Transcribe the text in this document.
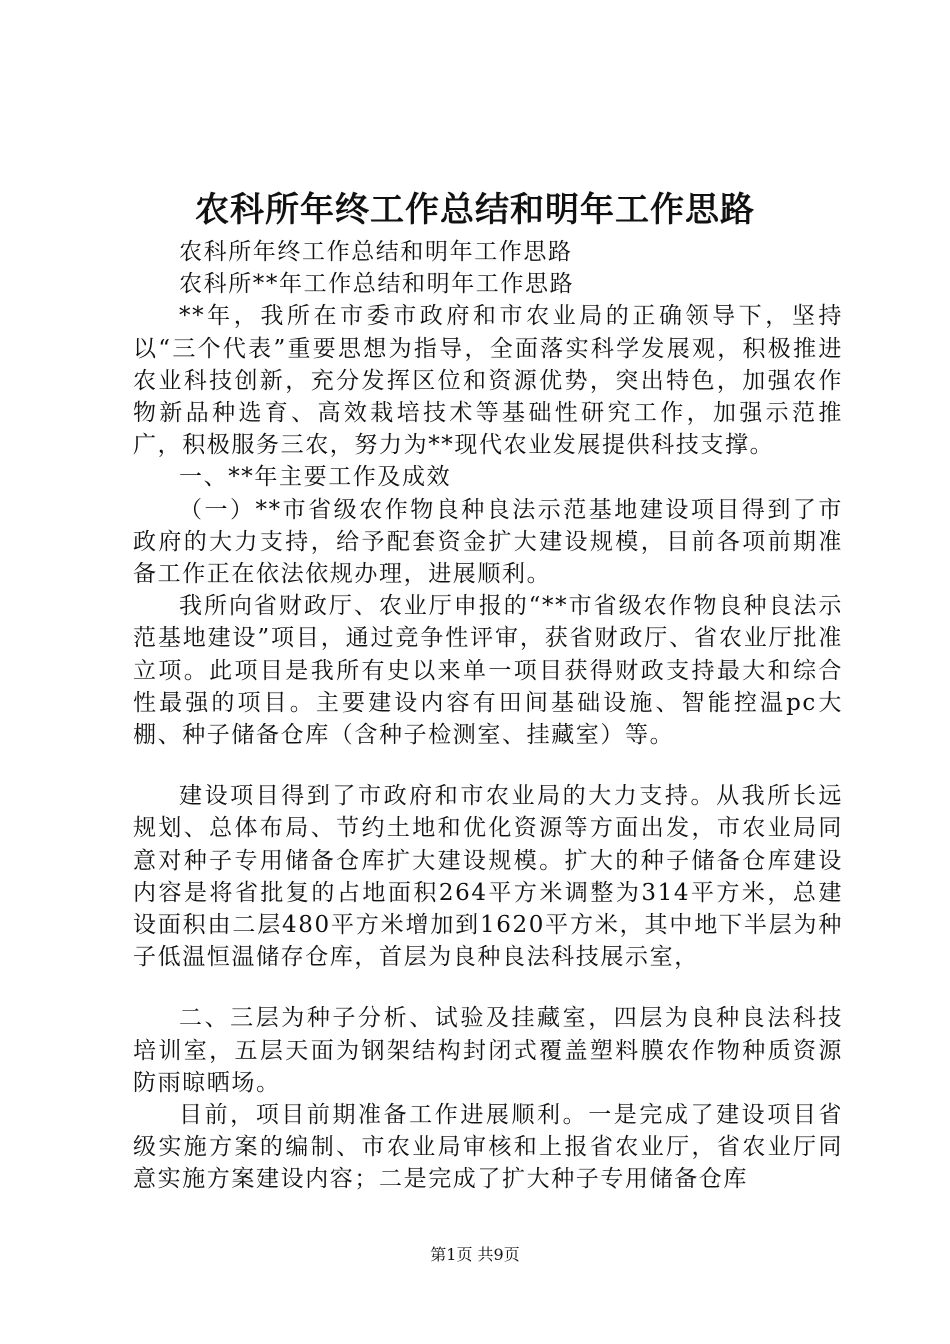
农科所年终工作总结和明年工作思路

农科所年终工作总结和明年工作思路

农科所**年工作总结和明年工作思路

**年，我所在市委市政府和市农业局的正确领导下，坚持以“三个代表”重要思想为指导，全面落实科学发展观，积极推进农业科技创新，充分发挥区位和资源优势，突出特色，加强农作物新品种选育、高效栽培技术等基础性研究工作，加强示范推广，积极服务三农，努力为**现代农业发展提供科技支撑。

一、**年主要工作及成效

（一）**市省级农作物良种良法示范基地建设项目得到了市政府的大力支持，给予配套资金扩大建设规模，目前各项前期准备工作正在依法依规办理，进展顺利。

我所向省财政厅、农业厅申报的“**市省级农作物良种良法示范基地建设”项目，通过竞争性评审，获省财政厅、省农业厅批准立项。此项目是我所有史以来单一项目获得财政支持最大和综合性最强的项目。主要建设内容有田间基础设施、智能控温pc大棚、种子储备仓库（含种子检测室、挂藏室）等。

建设项目得到了市政府和市农业局的大力支持。从我所长远规划、总体布局、节约土地和优化资源等方面出发，市农业局同意对种子专用储备仓库扩大建设规模。扩大的种子储备仓库建设内容是将省批复的占地面积264平方米调整为314平方米，总建设面积由二层480平方米增加到1620平方米，其中地下半层为种子低温恒温储存仓库，首层为良种良法科技展示室，

二、三层为种子分析、试验及挂藏室，四层为良种良法科技培训室，五层天面为钢架结构封闭式覆盖塑料膜农作物种质资源防雨晾晒场。

目前，项目前期准备工作进展顺利。一是完成了建设项目省级实施方案的编制、市农业局审核和上报省农业厅，省农业厅同意实施方案建设内容；二是完成了扩大种子专用储备仓库

第1页 共9页
